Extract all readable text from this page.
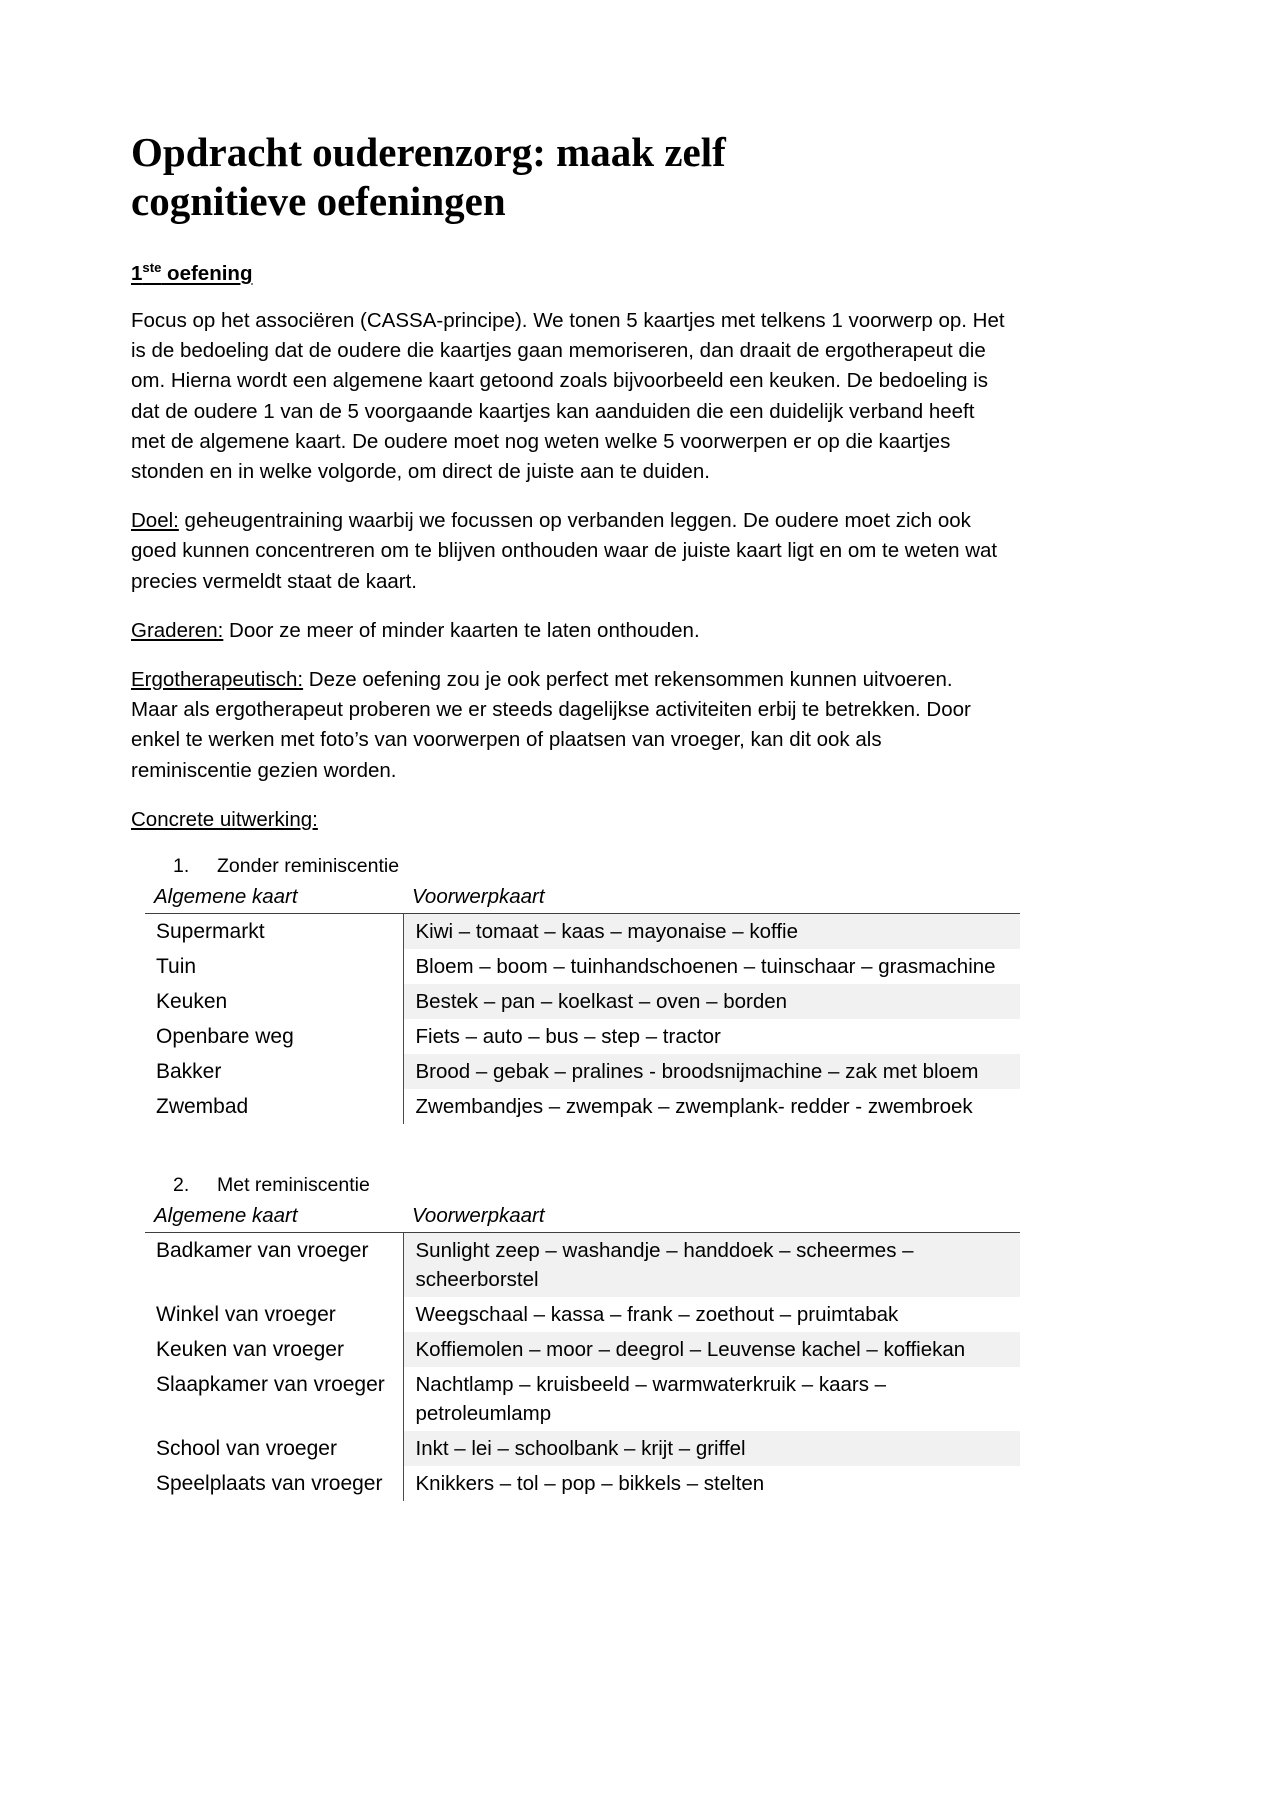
Opdracht ouderenzorg: maak zelf cognitieve oefeningen
1ste oefening

Focus op het associëren (CASSA-principe). We tonen 5 kaartjes met telkens 1 voorwerp op. Het is de bedoeling dat de oudere die kaartjes gaan memoriseren, dan draait de ergotherapeut die om. Hierna wordt een algemene kaart getoond zoals bijvoorbeeld een keuken. De bedoeling is dat de oudere 1 van de 5 voorgaande kaartjes kan aanduiden die een duidelijk verband heeft met de algemene kaart. De oudere moet nog weten welke 5 voorwerpen er op die kaartjes stonden en in welke volgorde, om direct de juiste aan te duiden.

Doel: geheugentraining waarbij we focussen op verbanden leggen. De oudere moet zich ook goed kunnen concentreren om te blijven onthouden waar de juiste kaart ligt en om te weten wat precies vermeldt staat de kaart.

Graderen: Door ze meer of minder kaarten te laten onthouden.

Ergotherapeutisch: Deze oefening zou je ook perfect met rekensommen kunnen uitvoeren. Maar als ergotherapeut proberen we er steeds dagelijkse activiteiten erbij te betrekken. Door enkel te werken met foto’s van voorwerpen of plaatsen van vroeger, kan dit ook als reminiscentie gezien worden.

Concrete uitwerking:

1.	Zonder reminiscentie
Algemene kaart	Voorwerpkaart
Supermarkt	Kiwi – tomaat – kaas – mayonaise – koffie
Tuin	Bloem – boom – tuinhandschoenen – tuinschaar – grasmachine
Keuken	Bestek – pan – koelkast – oven – borden
Openbare weg	Fiets – auto – bus – step – tractor
Bakker	Brood – gebak – pralines - broodsnijmachine – zak met bloem
Zwembad	Zwembandjes – zwempak – zwemplank- redder - zwembroek
2.	Met reminiscentie
Algemene kaart	Voorwerpkaart
Badkamer van vroeger	Sunlight zeep – washandje – handdoek – scheermes – scheerborstel
Winkel van vroeger	Weegschaal – kassa – frank – zoethout – pruimtabak
Keuken van vroeger	Koffiemolen – moor – deegrol – Leuvense kachel – koffiekan
Slaapkamer van vroeger	Nachtlamp – kruisbeeld – warmwaterkruik – kaars – petroleumlamp
School van vroeger	Inkt – lei – schoolbank – krijt – griffel
Speelplaats van vroeger	Knikkers – tol – pop – bikkels – stelten
